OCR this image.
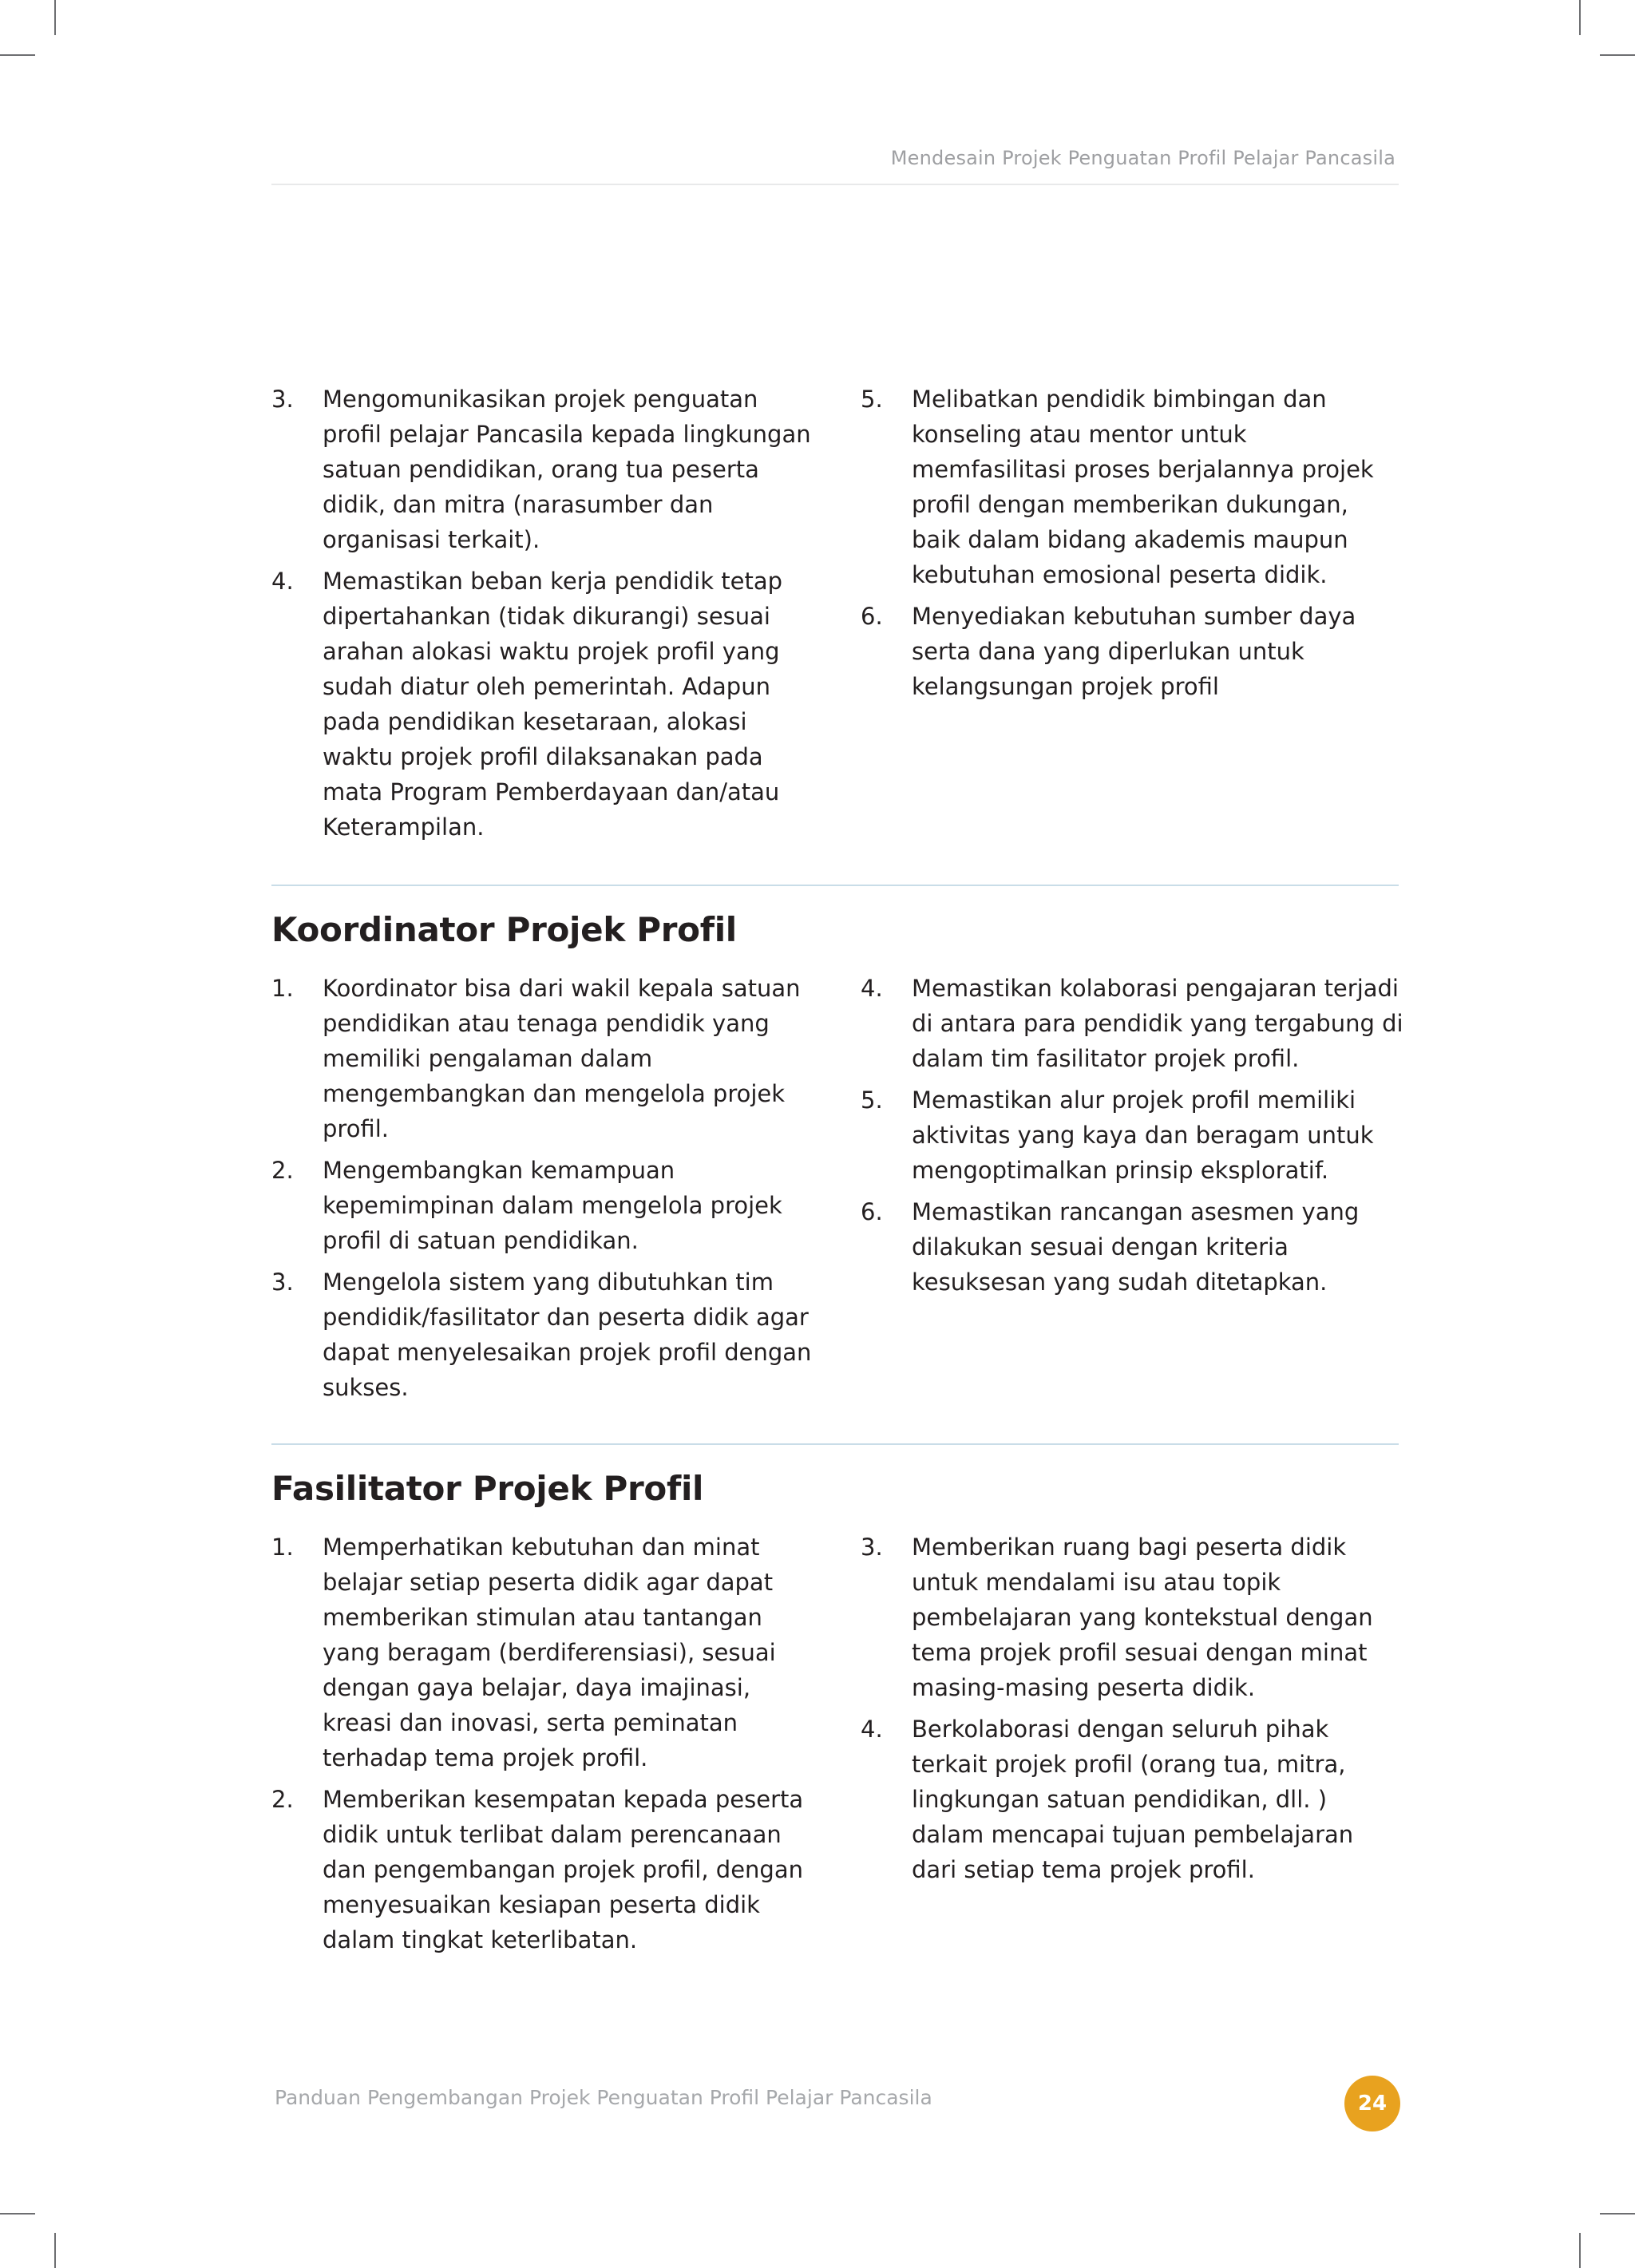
Mendesain Projek Penguatan Profil Pelajar Pancasila
3.	Mengomunikasikan projek penguatan profil pelajar Pancasila kepada lingkungan satuan pendidikan, orang tua peserta didik, dan mitra (narasumber dan organisasi terkait).
4.	Memastikan beban kerja pendidik tetap dipertahankan (tidak dikurangi) sesuai arahan alokasi waktu projek profil yang sudah diatur oleh pemerintah. Adapun pada pendidikan kesetaraan, alokasi waktu projek profil dilaksanakan pada mata Program Pemberdayaan dan/atau Keterampilan.
5.	Melibatkan pendidik bimbingan dan konseling atau mentor untuk memfasilitasi proses berjalannya projek profil dengan memberikan dukungan, baik dalam bidang akademis maupun kebutuhan emosional peserta didik.
6.	Menyediakan kebutuhan sumber daya serta dana yang diperlukan untuk kelangsungan projek profil
Koordinator Projek Profil
1.	Koordinator bisa dari wakil kepala satuan pendidikan atau tenaga pendidik yang memiliki pengalaman dalam mengembangkan dan mengelola projek profil.
2.	Mengembangkan kemampuan kepemimpinan dalam mengelola projek profil di satuan pendidikan.
3.	Mengelola sistem yang dibutuhkan tim pendidik/fasilitator dan peserta didik agar dapat menyelesaikan projek profil dengan sukses.
4.	Memastikan kolaborasi pengajaran terjadi di antara para pendidik yang tergabung di dalam tim fasilitator projek profil.
5.	Memastikan alur projek profil memiliki aktivitas yang kaya dan beragam untuk mengoptimalkan prinsip eksploratif.
6.	Memastikan rancangan asesmen yang dilakukan sesuai dengan kriteria kesuksesan yang sudah ditetapkan.
Fasilitator Projek Profil
1.	Memperhatikan kebutuhan dan minat belajar setiap peserta didik agar dapat memberikan stimulan atau tantangan yang beragam (berdiferensiasi), sesuai dengan gaya belajar, daya imajinasi, kreasi dan inovasi, serta peminatan terhadap tema projek profil.
2.	Memberikan kesempatan kepada peserta didik untuk terlibat dalam perencanaan dan pengembangan projek profil, dengan menyesuaikan kesiapan peserta didik dalam tingkat keterlibatan.
3.	Memberikan ruang bagi peserta didik untuk mendalami isu atau topik pembelajaran yang kontekstual dengan tema projek profil sesuai dengan minat masing-masing peserta didik.
4.	Berkolaborasi dengan seluruh pihak terkait projek profil (orang tua, mitra, lingkungan satuan pendidikan, dll. ) dalam mencapai tujuan pembelajaran dari setiap tema projek profil.
Panduan Pengembangan Projek Penguatan Profil Pelajar Pancasila	24
